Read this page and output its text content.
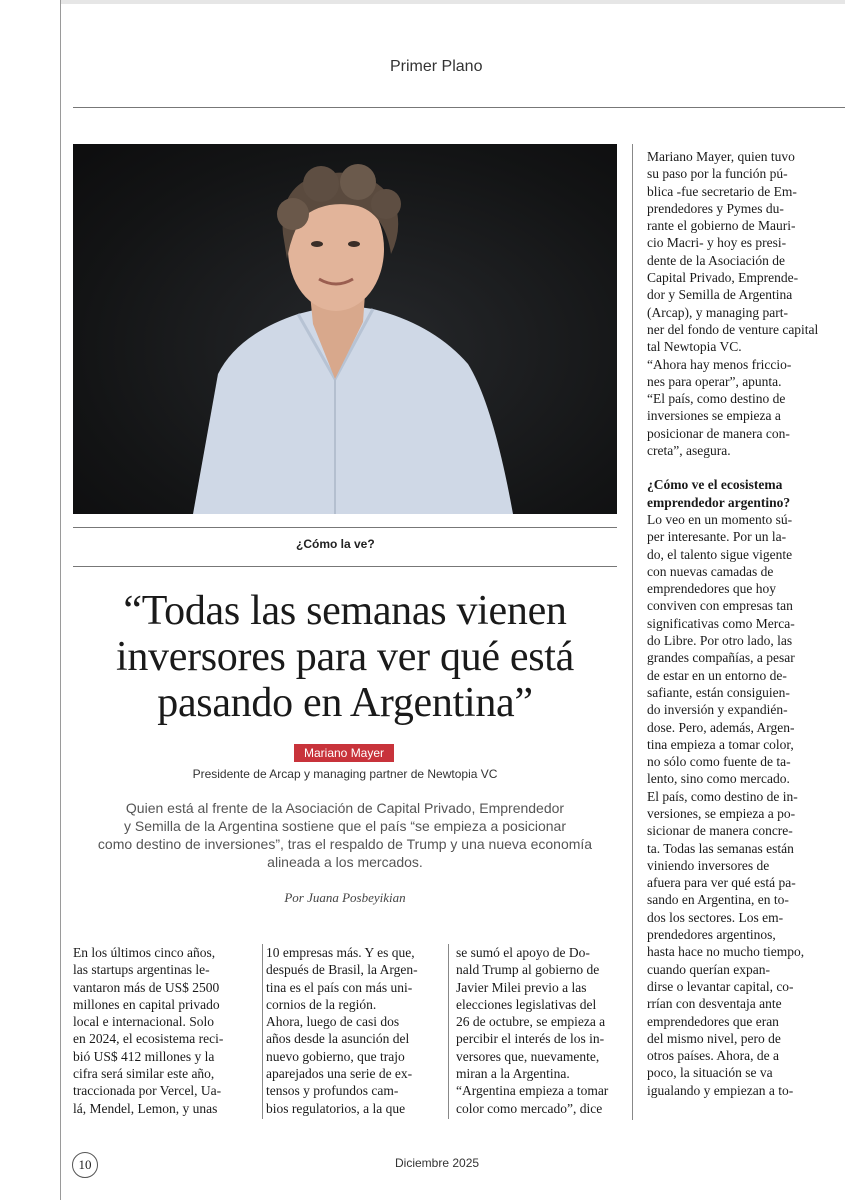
Primer Plano
¿Cómo la ve?
“Todas las semanas vienen
inversores para ver qué está
pasando en Argentina”
Mariano Mayer
Presidente de Arcap y managing partner de Newtopia VC
Quien está al frente de la Asociación de Capital Privado, Emprendedor
y Semilla de la Argentina sostiene que el país “se empieza a posicionar
como destino de inversiones”, tras el respaldo de Trump y una nueva economía
alineada a los mercados.
Por Juana Posbeyikian
En los últimos cinco años,
las startups argentinas le-
vantaron más de US$ 2500
millones en capital privado
local e internacional. Solo
en 2024, el ecosistema reci-
bió US$ 412 millones y la
cifra será similar este año,
traccionada por Vercel, Ua-
lá, Mendel, Lemon, y unas
10 empresas más. Y es que,
después de Brasil, la Argen-
tina es el país con más uni-
cornios de la región.
Ahora, luego de casi dos
años desde la asunción del
nuevo gobierno, que trajo
aparejados una serie de ex-
tensos y profundos cam-
bios regulatorios, a la que
se sumó el apoyo de Do-
nald Trump al gobierno de
Javier Milei previo a las
elecciones legislativas del
26 de octubre, se empieza a
percibir el interés de los in-
versores que, nuevamente,
miran a la Argentina.
“Argentina empieza a tomar
color como mercado”, dice
Mariano Mayer, quien tuvo
su paso por la función pú-
blica -fue secretario de Em-
prendedores y Pymes du-
rante el gobierno de Mauri-
cio Macri- y hoy es presi-
dente de la Asociación de
Capital Privado, Emprende-
dor y Semilla de Argentina
(Arcap), y managing part-
ner del fondo de venture capital
tal Newtopia VC.
“Ahora hay menos friccio-
nes para operar”, apunta.
“El país, como destino de
inversiones se empieza a
posicionar de manera con-
creta”, asegura.
¿Cómo ve el ecosistema
emprendedor argentino?
Lo veo en un momento sú-
per interesante. Por un la-
do, el talento sigue vigente
con nuevas camadas de
emprendedores que hoy
conviven con empresas tan
significativas como Merca-
do Libre. Por otro lado, las
grandes compañías, a pesar
de estar en un entorno de-
safiante, están consiguien-
do inversión y expandién-
dose. Pero, además, Argen-
tina empieza a tomar color,
no sólo como fuente de ta-
lento, sino como mercado.
El país, como destino de in-
versiones, se empieza a po-
sicionar de manera concre-
ta. Todas las semanas están
viniendo inversores de
afuera para ver qué está pa-
sando en Argentina, en to-
dos los sectores. Los em-
prendedores argentinos,
hasta hace no mucho tiempo,
cuando querían expan-
dirse o levantar capital, co-
rrían con desventaja ante
emprendedores que eran
del mismo nivel, pero de
otros países. Ahora, de a
poco, la situación se va
igualando y empiezan a to-
10	Diciembre 2025
